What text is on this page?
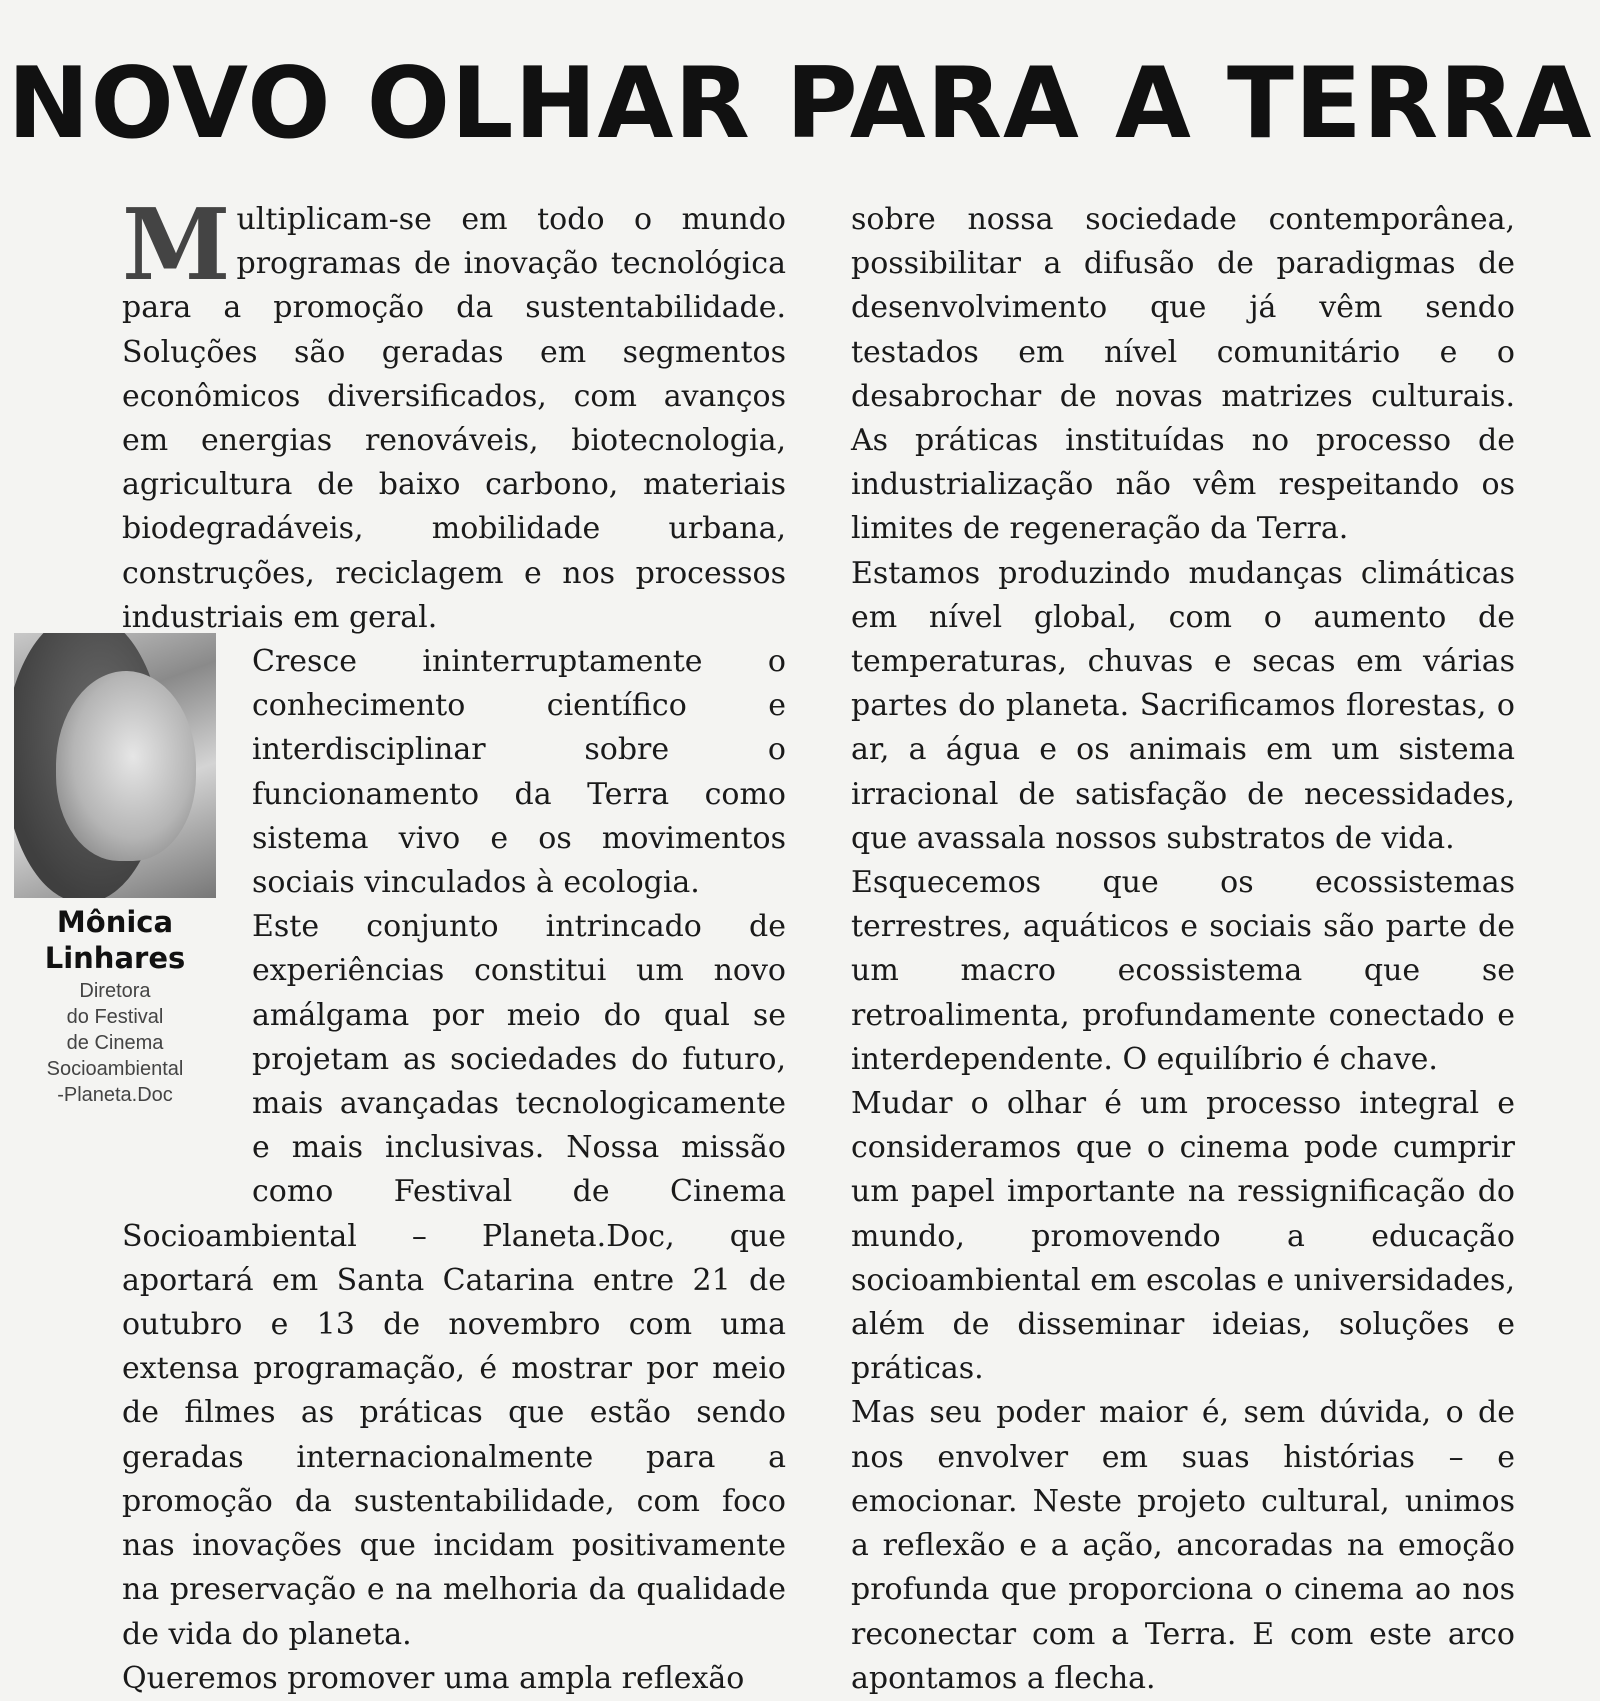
NOVO OLHAR PARA A TERRA
Mônica
Linhares
Diretora
do Festival
de Cinema
Socioambiental
-Planeta.Doc

M ultiplicam-se em todo o mundo programas de inovação tecnológica para a promoção da sustentabilidade. Soluções são geradas em segmentos econômicos diversificados, com avanços em energias renováveis, biotecnologia, agricultura de baixo carbono, materiais biodegradáveis, mobilidade urbana, construções, reciclagem e nos processos industriais em geral.

Cresce ininterruptamente o conhecimento científico e interdisciplinar sobre o funcionamento da Terra como sistema vivo e os movimentos sociais vinculados à ecologia.

Este conjunto intrincado de experiências constitui um novo amálgama por meio do qual se projetam as sociedades do futuro, mais avançadas tecnologicamente e mais inclusivas. Nossa missão como Festival de Cinema Socioambiental – Planeta.Doc, que aportará em Santa Catarina entre 21 de outubro e 13 de novembro com uma extensa programação, é mostrar por meio de filmes as práticas que estão sendo geradas internacionalmente para a promoção da sustentabilidade, com foco nas inovações que incidam positivamente na preservação e na melhoria da qualidade de vida do planeta.

Queremos promover uma ampla reflexão

sobre nossa sociedade contemporânea, possibilitar a difusão de paradigmas de desenvolvimento que já vêm sendo testados em nível comunitário e o desabrochar de novas matrizes culturais. As práticas instituídas no processo de industrialização não vêm respeitando os limites de regeneração da Terra.

Estamos produzindo mudanças climáticas em nível global, com o aumento de temperaturas, chuvas e secas em várias partes do planeta. Sacrificamos florestas, o ar, a água e os animais em um sistema irracional de satisfação de necessidades, que avassala nossos substratos de vida.

Esquecemos que os ecossistemas terrestres, aquáticos e sociais são parte de um macro ecossistema que se retroalimenta, profundamente conectado e interdependente. O equilíbrio é chave.

Mudar o olhar é um processo integral e consideramos que o cinema pode cumprir um papel importante na ressignificação do mundo, promovendo a educação socioambiental em escolas e universidades, além de disseminar ideias, soluções e práticas.

Mas seu poder maior é, sem dúvida, o de nos envolver em suas histórias – e emocionar. Neste projeto cultural, unimos a reflexão e a ação, ancoradas na emoção profunda que proporciona o cinema ao nos reconectar com a Terra. E com este arco apontamos a flecha.
